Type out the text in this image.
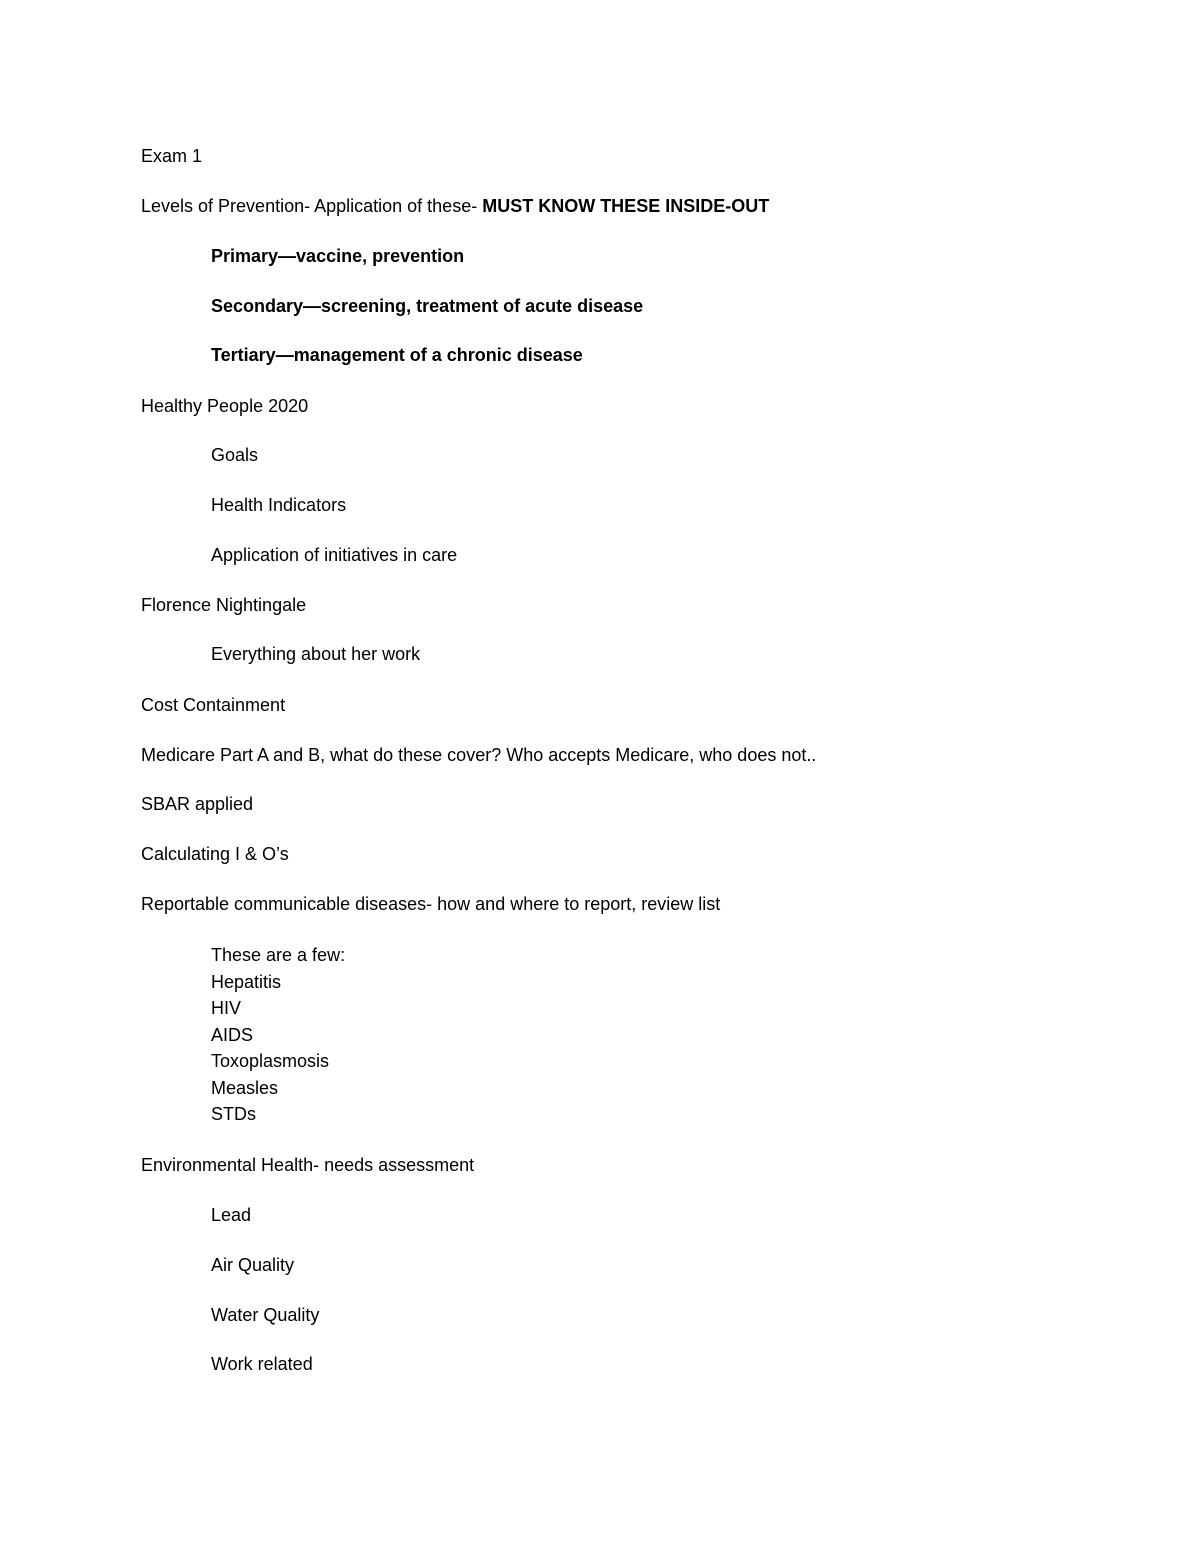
Exam 1
Levels of Prevention- Application of these- MUST KNOW THESE INSIDE-OUT
Primary—vaccine, prevention
Secondary—screening, treatment of acute disease
Tertiary—management of a chronic disease
Healthy People 2020
Goals
Health Indicators
Application of initiatives in care
Florence Nightingale
Everything about her work
Cost Containment
Medicare Part A and B, what do these cover? Who accepts Medicare, who does not..
SBAR applied
Calculating I & O’s
Reportable communicable diseases- how and where to report, review list
These are a few:
Hepatitis
HIV
AIDS
Toxoplasmosis
Measles
STDs
Environmental Health- needs assessment
Lead
Air Quality
Water Quality
Work related
